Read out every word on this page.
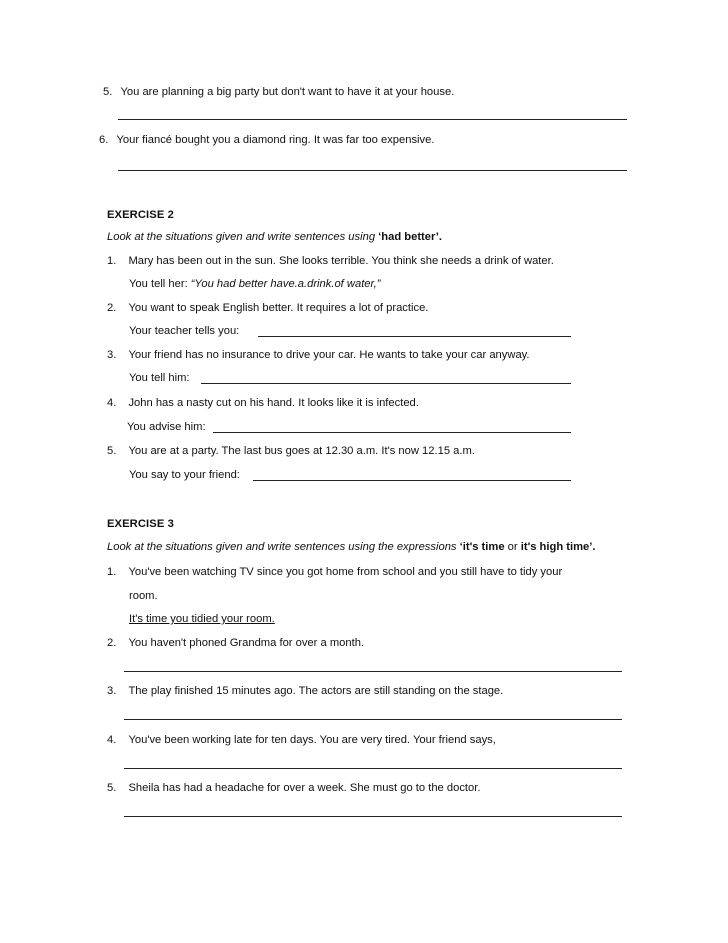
5. You are planning a big party but don't want to have it at your house.
6. Your fiancé bought you a diamond ring. It was far too expensive.
EXERCISE 2
Look at the situations given and write sentences using ‘had better’.
1. Mary has been out in the sun. She looks terrible. You think she needs a drink of water.
You tell her: “You had better have.a.drink.of water,”
2. You want to speak English better. It requires a lot of practice.
Your teacher tells you:
3. Your friend has no insurance to drive your car. He wants to take your car anyway.
You tell him:
4. John has a nasty cut on his hand. It looks like it is infected.
You advise him:
5. You are at a party. The last bus goes at 12.30 a.m. It's now 12.15 a.m.
You say to your friend:
EXERCISE 3
Look at the situations given and write sentences using the expressions ‘it's time or it's high time’.
1. You've been watching TV since you got home from school and you still have to tidy your
room.
It's time you tidied your room.
2. You haven't phoned Grandma for over a month.
3. The play finished 15 minutes ago. The actors are still standing on the stage.
4. You've been working late for ten days. You are very tired. Your friend says,
5. Sheila has had a headache for over a week. She must go to the doctor.
